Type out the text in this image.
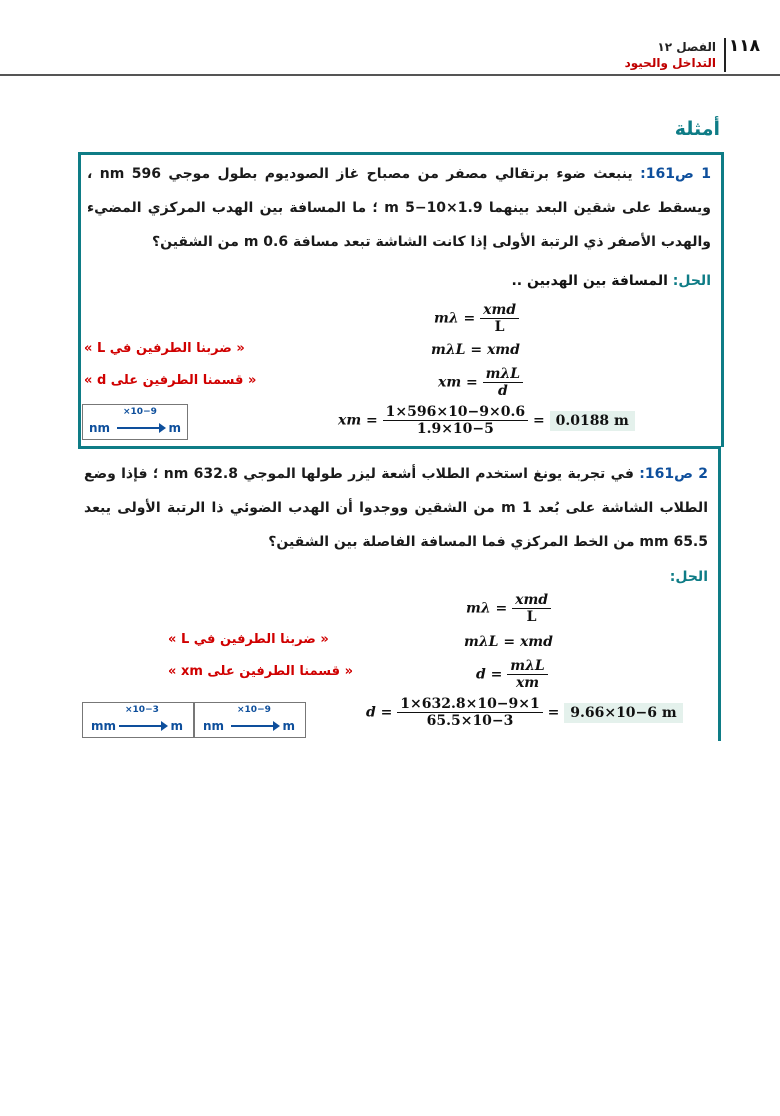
١١٨
الفصل ١٢
التداخل والحيود
أمثلة
1 ص161: ينبعث ضوء برتقالي مصفر من مصباح غاز الصوديوم بطول موجي 596 nm ، ويسقط على شقين البعد بينهما 1.9×10−5 m ؛ ما المسافة بين الهدب المركزي المضيء والهدب الأصفر ذي الرتبة الأولى إذا كانت الشاشة تبعد مسافة 0.6 m من الشقين؟
الحل: المسافة بين الهدبين ..
$m\lambda = \frac{\text{xmd}}{L}$
mλL = xmd
xm = $\frac{\text{mλL}}{d}$
xm = $\frac{1\times 596\times 10-9\times 0.6}{1.9\times 10-5} = 0.0188$ m
« ضربنا الطرفين في L »
« قسمنا الطرفين على d »
nm
×10−9
m
2 ص161: في تجربة يونغ استخدم الطلاب أشعة ليزر طولها الموجي 632.8 nm ؛ فإذا وضع الطلاب الشاشة على بُعد 1 m من الشقين ووجدوا أن الهدب الضوئي ذا الرتبة الأولى يبعد 65.5 mm من الخط المركزي فما المسافة الفاصلة بين الشقين؟
الحل:
$m\lambda = \frac{\text{xmd}}{L}$
mλL = xmd
$d = \frac{\text{mλL}}{xm}$
$d = \frac{1\times 632.8\times 10-9\times 1}{65.5\times 10-3} = 9.66\times 10-6$ m
« ضربنا الطرفين في L »
« قسمنا الطرفين على xm »
mm
×10−3
m nm
×10−9
m
